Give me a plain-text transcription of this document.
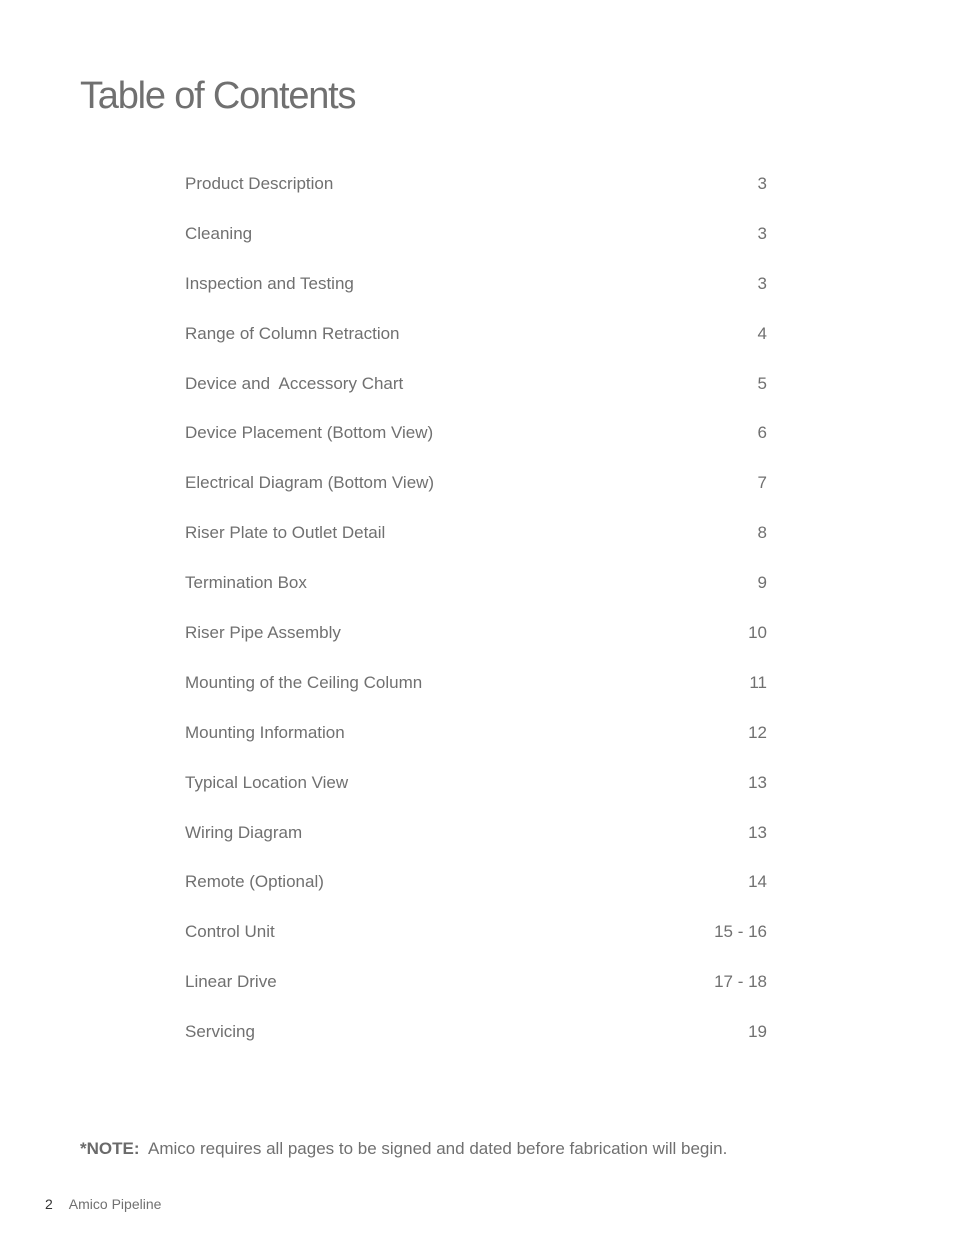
Table of Contents
Product Description	3
Cleaning	3
Inspection and Testing	3
Range of Column Retraction	4
Device and  Accessory Chart	5
Device Placement (Bottom View)	6
Electrical Diagram (Bottom View)	7
Riser Plate to Outlet Detail	8
Termination Box	9
Riser Pipe Assembly	10
Mounting of the Ceiling Column	11
Mounting Information	12
Typical Location View	13
Wiring Diagram	13
Remote (Optional)	14
Control Unit	15 - 16
Linear Drive	17 - 18
Servicing	19
*NOTE:  Amico requires all pages to be signed and dated before fabrication will begin.
2 Amico Pipeline
